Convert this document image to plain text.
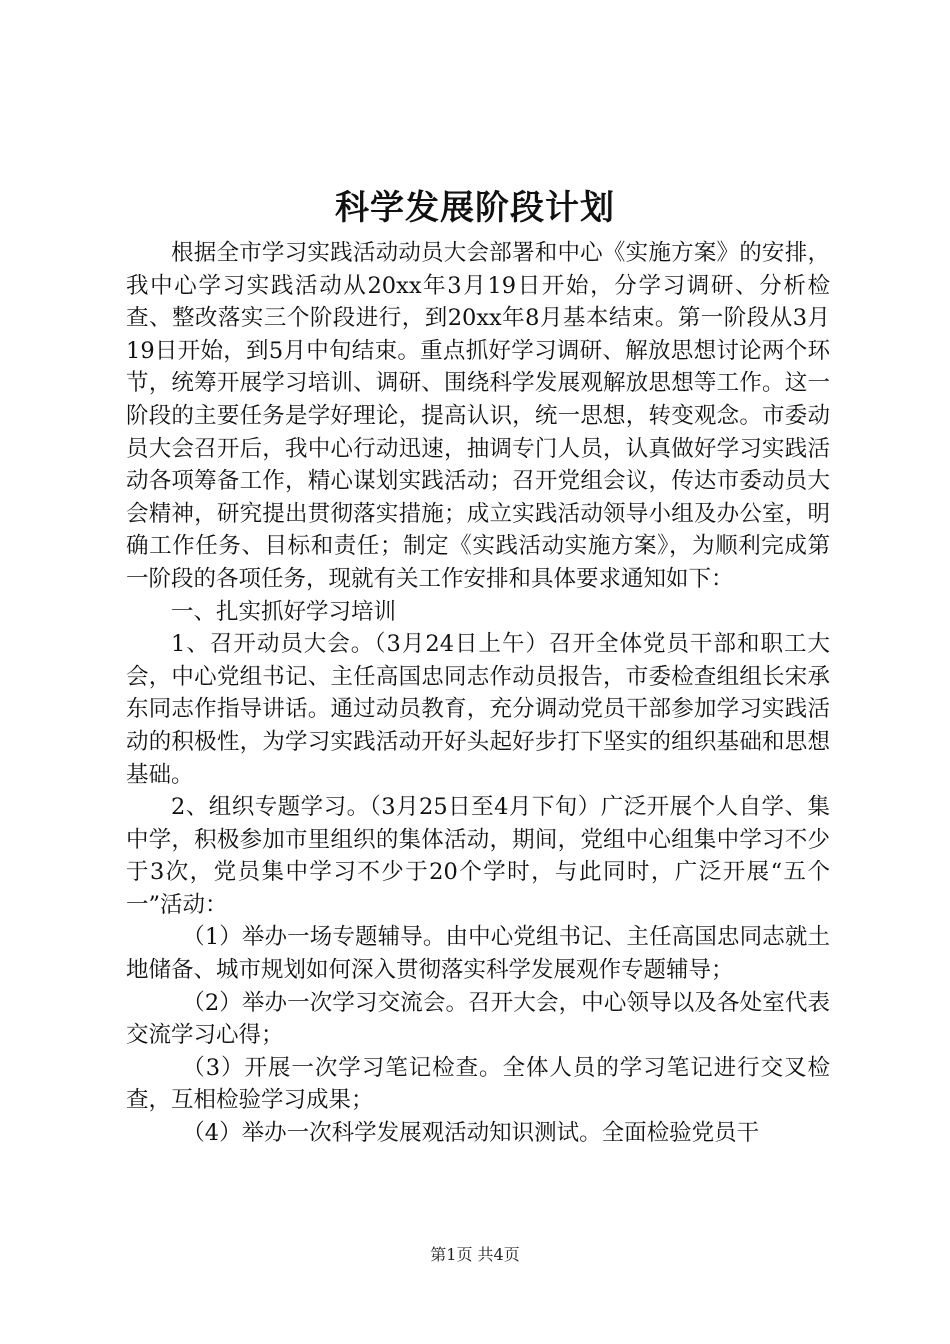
科学发展阶段计划

根据全市学习实践活动动员大会部署和中心《实施方案》的安排，我中心学习实践活动从20xx年3月19日开始，分学习调研、分析检查、整改落实三个阶段进行，到20xx年8月基本结束。第一阶段从3月19日开始，到5月中旬结束。重点抓好学习调研、解放思想讨论两个环节，统筹开展学习培训、调研、围绕科学发展观解放思想等工作。这一阶段的主要任务是学好理论，提高认识，统一思想，转变观念。市委动员大会召开后，我中心行动迅速，抽调专门人员，认真做好学习实践活动各项筹备工作，精心谋划实践活动；召开党组会议，传达市委动员大会精神，研究提出贯彻落实措施；成立实践活动领导小组及办公室，明确工作任务、目标和责任；制定《实践活动实施方案》，为顺利完成第一阶段的各项任务，现就有关工作安排和具体要求通知如下：

一、扎实抓好学习培训

1、召开动员大会。（3月24日上午）召开全体党员干部和职工大会，中心党组书记、主任高国忠同志作动员报告，市委检查组组长宋承东同志作指导讲话。通过动员教育，充分调动党员干部参加学习实践活动的积极性，为学习实践活动开好头起好步打下坚实的组织基础和思想基础。

2、组织专题学习。（3月25日至4月下旬）广泛开展个人自学、集中学，积极参加市里组织的集体活动，期间，党组中心组集中学习不少于3次，党员集中学习不少于20个学时，与此同时，广泛开展“五个一”活动：

（1）举办一场专题辅导。由中心党组书记、主任高国忠同志就土地储备、城市规划如何深入贯彻落实科学发展观作专题辅导；

（2）举办一次学习交流会。召开大会，中心领导以及各处室代表交流学习心得；

（3）开展一次学习笔记检查。全体人员的学习笔记进行交叉检查，互相检验学习成果；

（4）举办一次科学发展观活动知识测试。全面检验党员干

第1页 共4页
